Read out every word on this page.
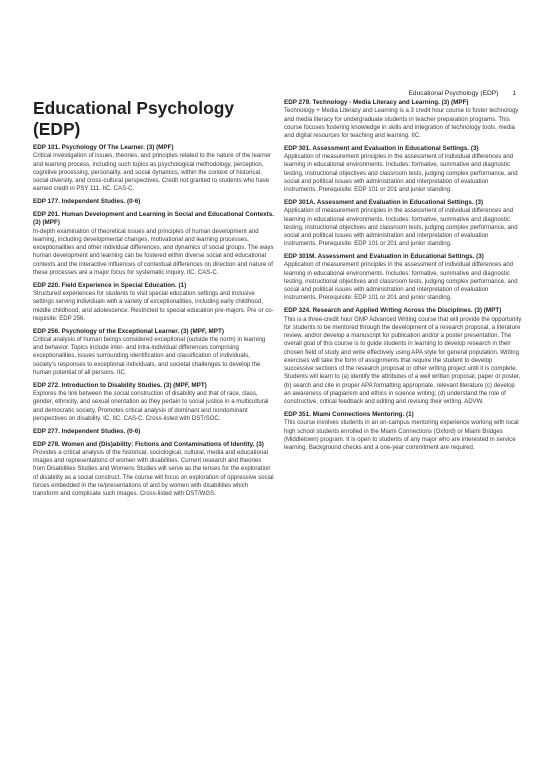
Educational Psychology (EDP) 1
Educational Psychology (EDP)
EDP 101. Psychology Of The Learner. (3) (MPF)

Critical investigation of issues, theories, and principles related to the nature of the learner and learning process, including such topics as psychological methodology, perception, cognitive processing, personality, and social dynamics, within the context of historical, social diversity, and cross-cultural perspectives. Credit not granted to students who have earned credit in PSY 111. IIC. CAS-C.

EDP 177. Independent Studies. (0-6)
EDP 201. Human Development and Learning in Social and Educational Contexts. (3) (MPF)

In-depth examination of theoretical issues and principles of human development and learning, including developmental changes, motivational and learning processes, exceptionalities and other individual differences, and dynamics of social groups. The ways human development and learning can be fostered within diverse social and educational contexts and the interactive influences of contextual differences on direction and nature of these processes are a major focus for systematic inquiry. IIC. CAS-C.

EDP 220. Field Experience in Special Education. (1)

Structured experiences for students to visit special education settings and inclusive settings serving individuals with a variety of exceptionalities, including early childhood, middle childhood, and adolescence. Restricted to special education pre-majors. Pre or co-requisite: EDP 256.

EDP 256. Psychology of the Exceptional Learner. (3) (MPF, MPT)

Critical analysis of human beings considered exceptional (outside the norm) in learning and behavior. Topics include inter- and intra-individual differences comprising exceptionalities, issues surrounding identification and classification of individuals, society's responses to exceptional individuals, and societal challenges to develop the human potential of all persons. IIC.

EDP 272. Introduction to Disability Studies. (3) (MPF, MPT)

Explores the link between the social construction of disability and that of race, class, gender, ethnicity, and sexual orientation as they pertain to social justice in a multicultural and democratic society. Promotes critical analysis of dominant and nondominant perspectives on disability. IC, IIC. CAS-C. Cross-listed with DST/SOC.

EDP 277. Independent Studies. (0-6)
EDP 278. Women and (Dis)ability: Fictions and Contaminations of Identity. (3)

Provides a critical analysis of the historical, sociological, cultural, media and educational images and representations of women with disabilities. Current research and theories from Disabilities Studies and Womens Studies will serve as the lenses for the exploration of disability as a social construct. The course will focus on exploration of oppressive social forces embedded in the re/presentations of and by women with disabilities which transform and complicate such images. Cross-listed with DST/WGS.

EDP 279. Technology - Media Literacy and Learning. (3) (MPF)

Technology + Media Literacy and Learning is a 3 credit hour course to foster technology and media literacy for undergraduate students in teacher preparation programs. This course focuses fostering knowledge in skills and integration of technology tools, media and digital resources for teaching and learning. IIC.

EDP 301. Assessment and Evaluation in Educational Settings. (3)

Application of measurement principles in the assessment of individual differences and learning in educational environments. Includes: formative, summative and diagnostic testing, instructional objectives and classroom tests, judging complex performance, and social and political issues with administration and interpretation of evaluation instruments. Prerequisite: EDP 101 or 201 and junior standing.

EDP 301A. Assessment and Evaluation in Educational Settings. (3)

Application of measurement principles in the assessment of individual differences and learning in educational environments. Includes: formative, summative and diagnostic testing, instructional objectives and classroom tests, judging complex performance, and social and political issues with administration and interpretation of evaluation instruments. Prerequisite: EDP 101 or 201 and junior standing.

EDP 301M. Assessment and Evaluation in Educational Settings. (3)

Application of measurement principles in the assessment of individual differences and learning in educational environments. Includes: formative, summative and diagnostic testing, instructional objectives and classroom tests, judging complex performance, and social and political issues with administration and interpretation of evaluation instruments. Prerequisite: EDP 101 or 201 and junior standing.

EDP 324. Research and Applied Writing Across the Disciplines. (3) (MPT)

This is a three-credit hour GMP Advanced Writing course that will provide the opportunity for students to be mentored through the development of a research proposal, a literature review, and/or develop a manuscript for publication and/or a poster presentation. The overall goal of this course is to guide students in learning to develop research in their chosen field of study and write effectively using APA style for general population. Writing exercises will take the form of assignments that require the student to develop successive sections of the research proposal or other writing project until it is complete. Students will learn to (a) identify the attributes of a well written proposal, paper or poster, (b) search and cite in proper APA formatting appropriate, relevant literature (c) develop an awareness of plagiarism and ethics in science writing; (d) understand the role of constructive, critical feedback and editing and revising their writing. ADVW.

EDP 351. Miami Connections Mentoring. (1)

This course involves students in an on-campus mentoring experience working with local high school students enrolled in the Miami Connections (Oxford) or Miami Bridges (Middletown) program. It is open to students of any major who are interested in service learning. Background checks and a one-year commitment are required.
